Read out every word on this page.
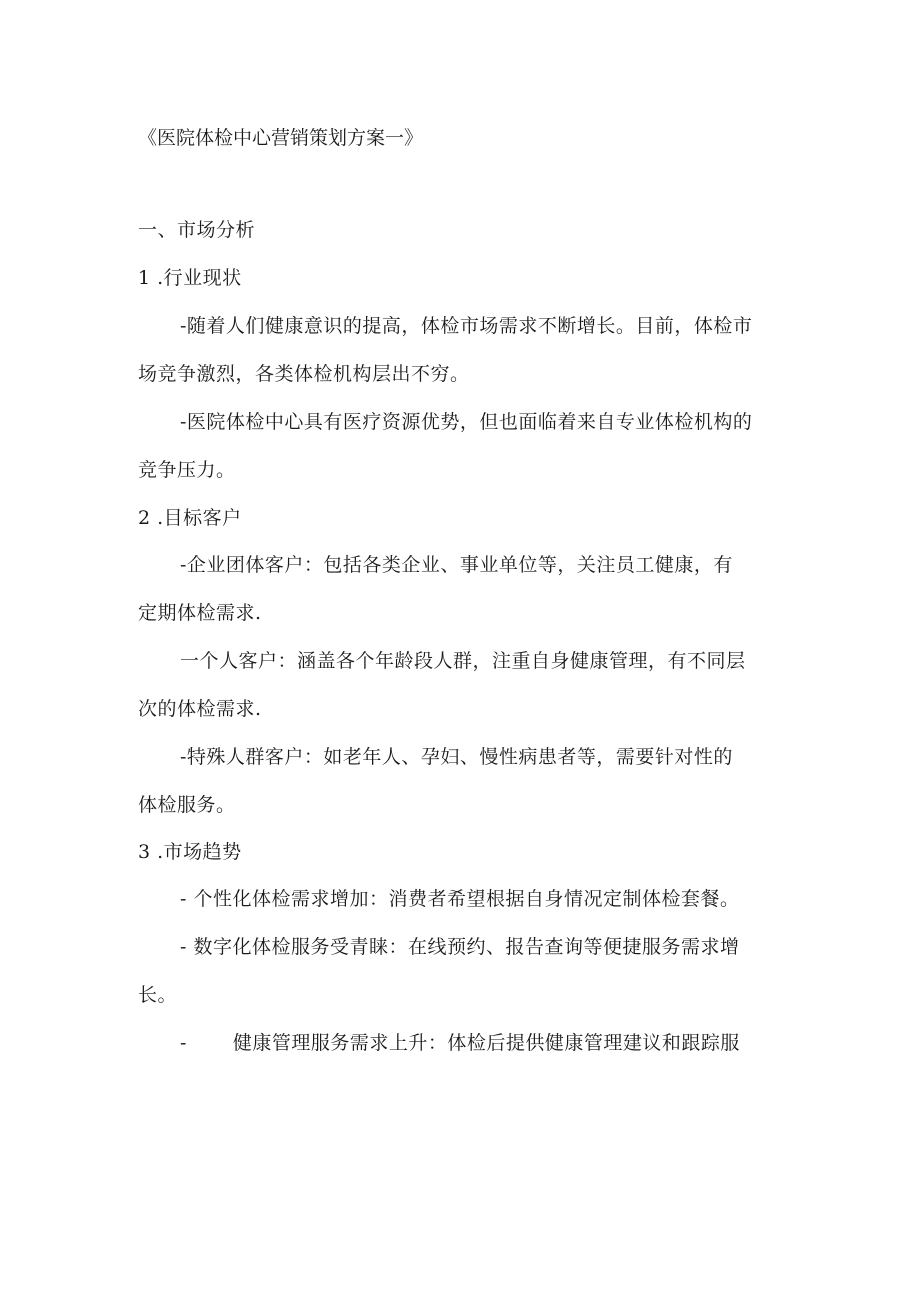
《医院体检中心营销策划方案一》
一、市场分析
1 .行业现状
-随着人们健康意识的提高，体检市场需求不断增长。目前，体检市
场竞争激烈，各类体检机构层出不穷。
-医院体检中心具有医疗资源优势，但也面临着来自专业体检机构的
竞争压力。
2 .目标客户
-企业团体客户：包括各类企业、事业单位等，关注员工健康，有
定期体检需求.
一个人客户：涵盖各个年龄段人群，注重自身健康管理，有不同层
次的体检需求.
-特殊人群客户：如老年人、孕妇、慢性病患者等，需要针对性的
体检服务。
3 .市场趋势
- 个性化体检需求增加：消费者希望根据自身情况定制体检套餐。
- 数字化体检服务受青睐：在线预约、报告查询等便捷服务需求增
长。
- 健康管理服务需求上升：体检后提供健康管理建议和跟踪服
